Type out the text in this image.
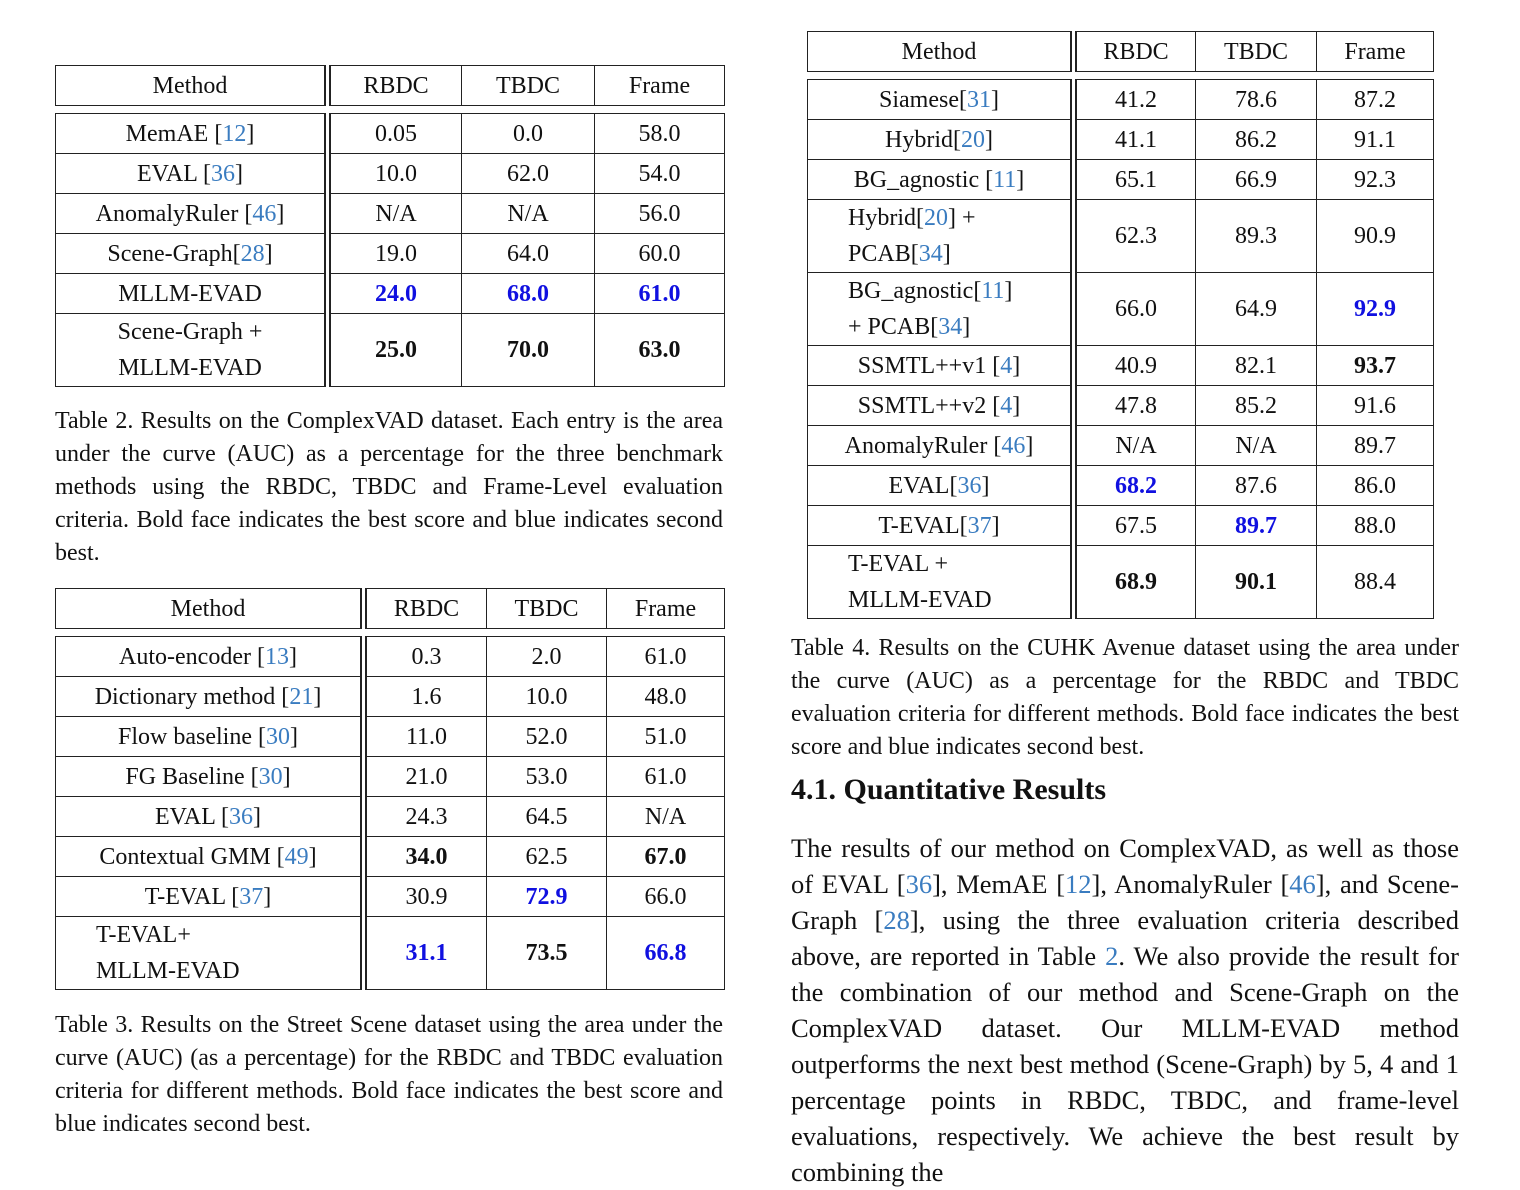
Method	RBDC	TBDC	Frame
MemAE [12]	0.05	0.0	58.0
EVAL [36]	10.0	62.0	54.0
AnomalyRuler [46]	N/A	N/A	56.0
Scene-Graph[28]	19.0	64.0	60.0
MLLM-EVAD	24.0	68.0	61.0
Scene-Graph +
MLLM-EVAD	25.0	70.0	63.0
Table 2. Results on the ComplexVAD dataset. Each entry is the area under the curve (AUC) as a percentage for the three benchmark methods using the RBDC, TBDC and Frame-Level evaluation criteria. Bold face indicates the best score and blue indicates second best.
Method	RBDC	TBDC	Frame
Auto-encoder [13]	0.3	2.0	61.0
Dictionary method [21]	1.6	10.0	48.0
Flow baseline [30]	11.0	52.0	51.0
FG Baseline [30]	21.0	53.0	61.0
EVAL [36]	24.3	64.5	N/A
Contextual GMM [49]	34.0	62.5	67.0
T-EVAL [37]	30.9	72.9	66.0
T-EVAL+
MLLM-EVAD	31.1	73.5	66.8
Table 3. Results on the Street Scene dataset using the area under the curve (AUC) (as a percentage) for the RBDC and TBDC evaluation criteria for different methods. Bold face indicates the best score and blue indicates second best.
Method	RBDC	TBDC	Frame
Siamese[31]	41.2	78.6	87.2
Hybrid[20]	41.1	86.2	91.1
BG_agnostic [11]	65.1	66.9	92.3
Hybrid[20] +
PCAB[34]	62.3	89.3	90.9
BG_agnostic[11]
+ PCAB[34]	66.0	64.9	92.9
SSMTL++v1 [4]	40.9	82.1	93.7
SSMTL++v2 [4]	47.8	85.2	91.6
AnomalyRuler [46]	N/A	N/A	89.7
EVAL[36]	68.2	87.6	86.0
T-EVAL[37]	67.5	89.7	88.0
T-EVAL +
MLLM-EVAD	68.9	90.1	88.4
Table 4. Results on the CUHK Avenue dataset using the area under the curve (AUC) as a percentage for the RBDC and TBDC evaluation criteria for different methods. Bold face indicates the best score and blue indicates second best.
4.1. Quantitative Results
The results of our method on ComplexVAD, as well as those of EVAL [36], MemAE [12], AnomalyRuler [46], and Scene-Graph [28], using the three evaluation criteria described above, are reported in Table 2. We also provide the result for the combination of our method and Scene-Graph on the ComplexVAD dataset. Our MLLM-EVAD method outperforms the next best method (Scene-Graph) by 5, 4 and 1 percentage points in RBDC, TBDC, and frame-level evaluations, respectively. We achieve the best result by combining the
